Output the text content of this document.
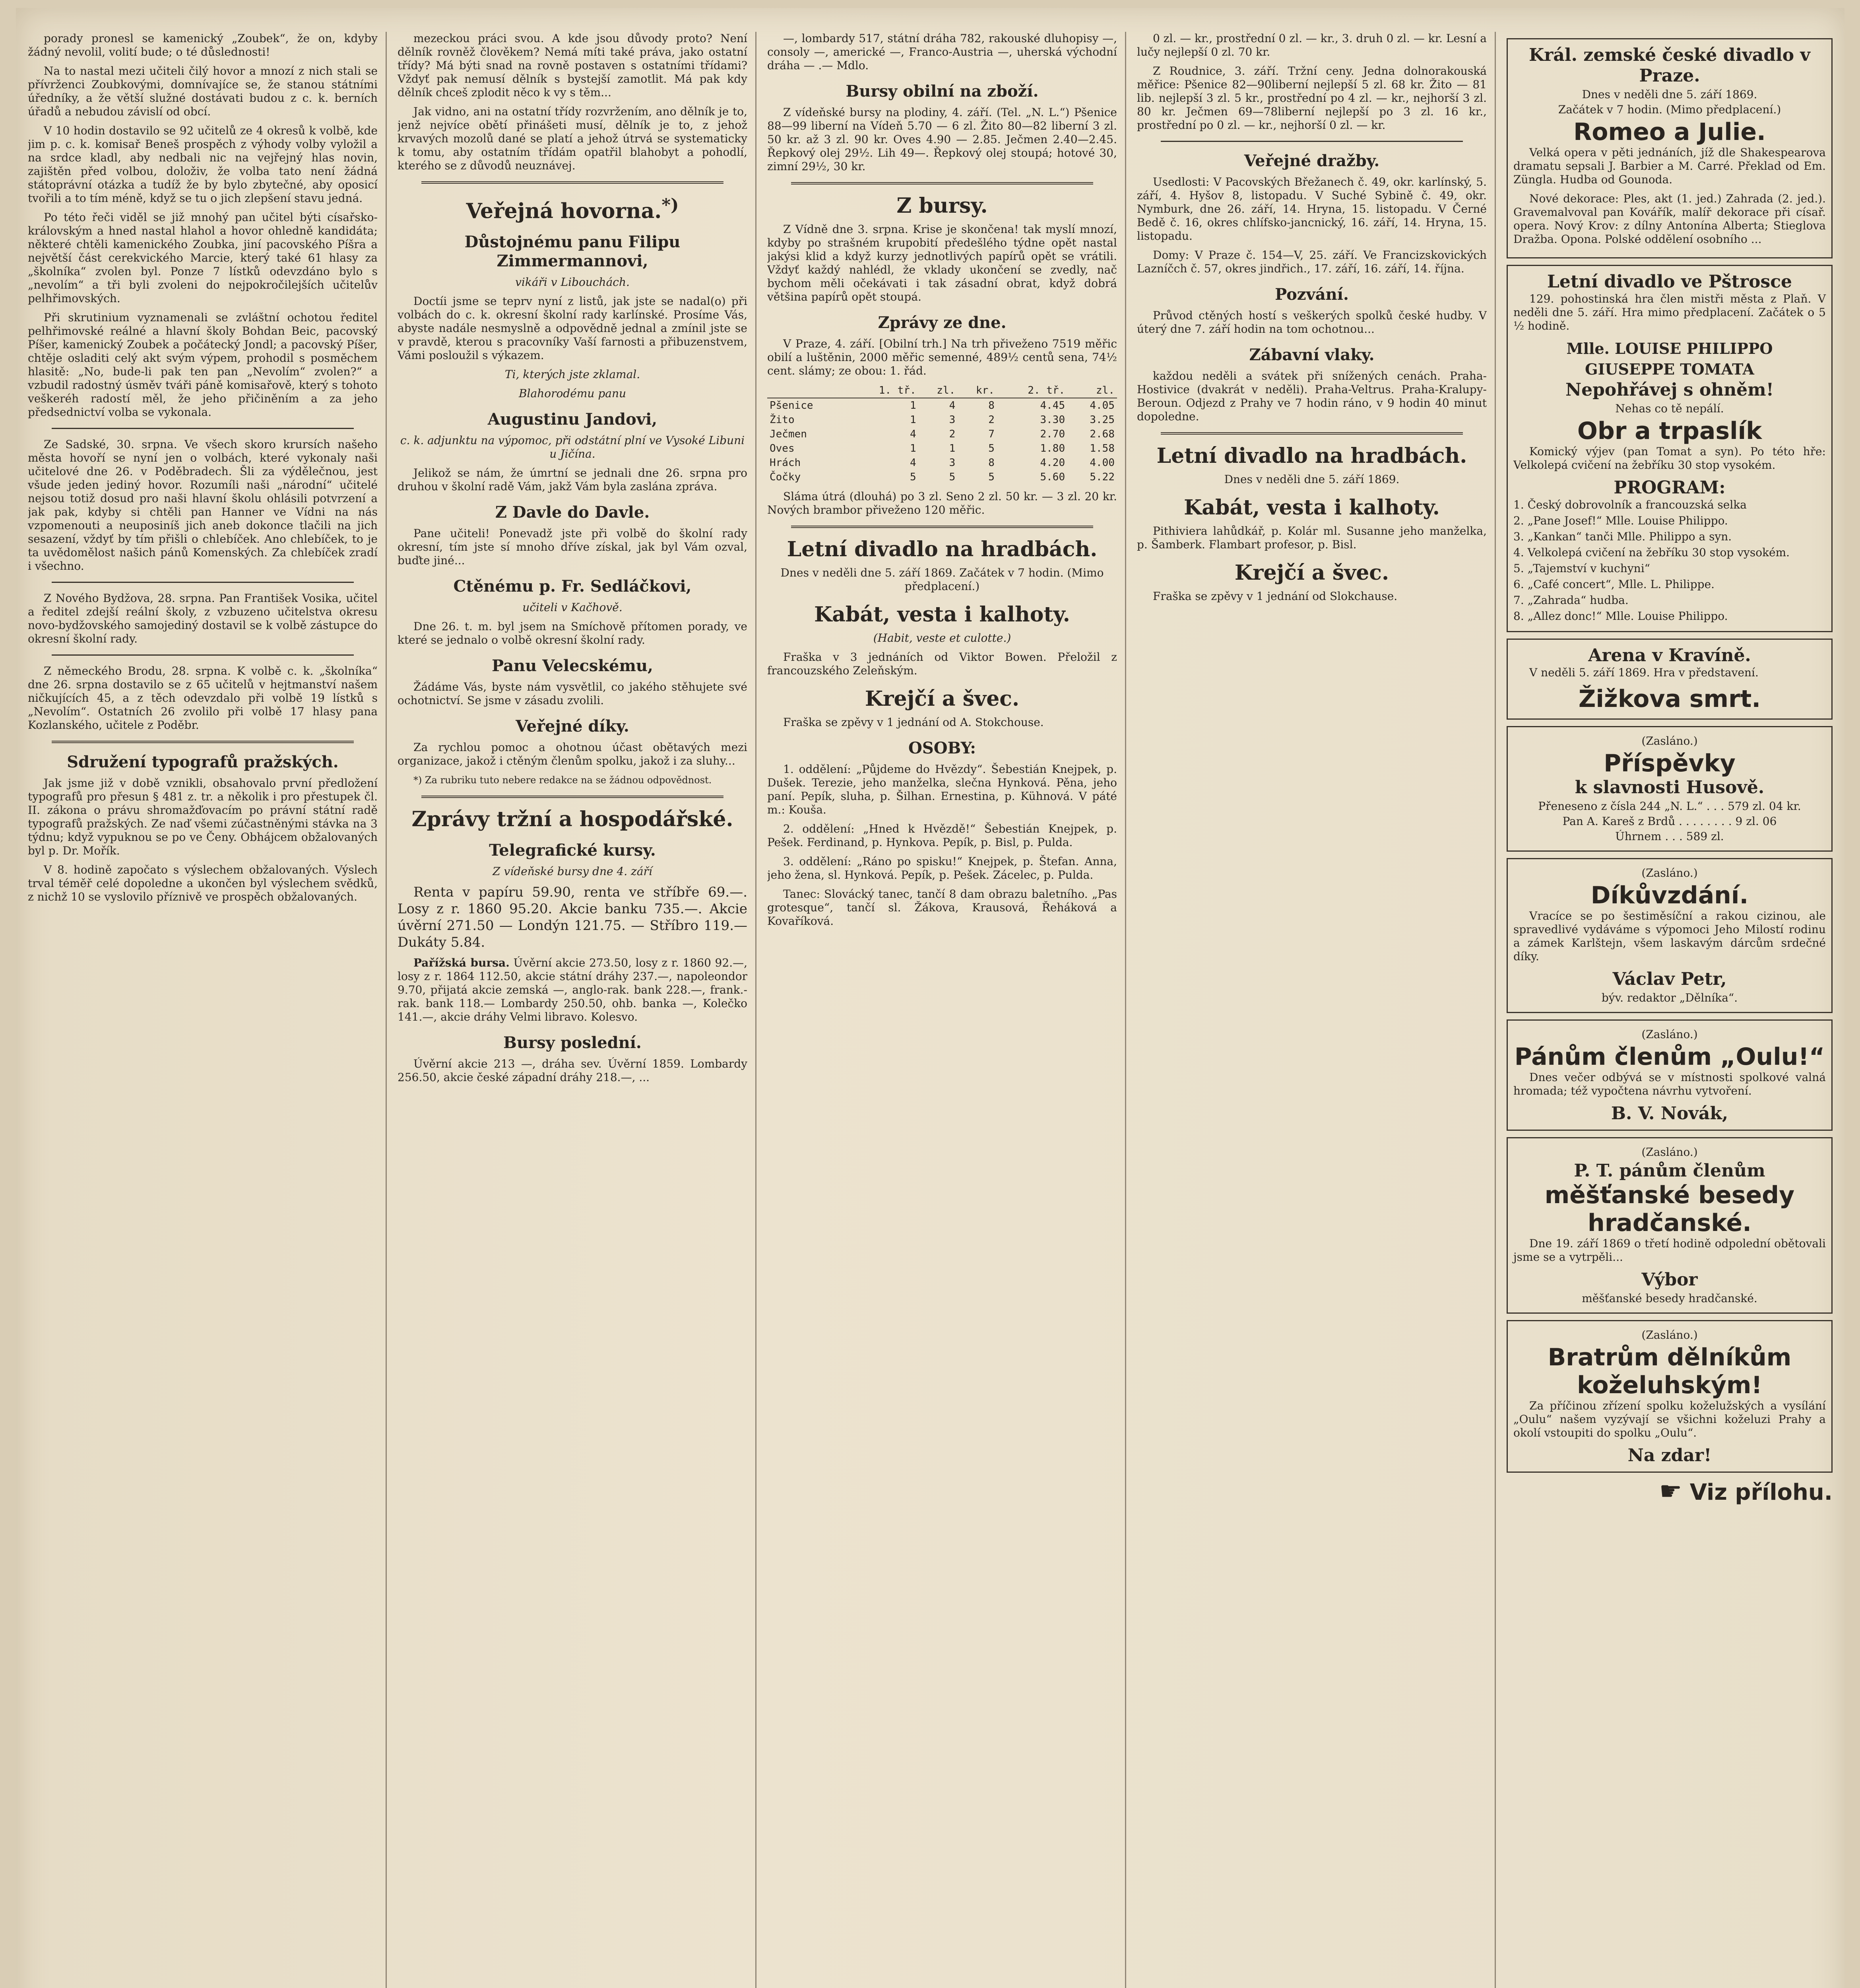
porady pronesl se kamenický „Zoubek“, že on, kdyby žádný nevolil, volití bude; o té důslednosti!

Na to nastal mezi učiteli čilý hovor a mnozí z nich stali se přívrženci Zoubkovými, domnívajíce se, že stanou státními úředníky, a že větší služné dostávati budou z c. k. berních úřadů a nebudou závislí od obcí.

V 10 hodin dostavilo se 92 učitelů ze 4 okresů k volbě, kde jim p. c. k. komisař Beneš prospěch z výhody volby vyložil a na srdce kladl, aby nedbali nic na vejřejný hlas novin, zajištěn před volbou, doloživ, že volba tato není žádná státoprávní otázka a tudíž že by bylo zbytečné, aby oposicí tvořili a to tím méně, když se tu o jich zlepšení stavu jedná.

Po této řeči viděl se již mnohý pan učitel býti císařsko-královským a hned nastal hlahol a hovor ohledně kandidáta; některé chtěli kamenického Zoubka, jiní pacovského Píšra a největší část cerekvického Marcie, který také 61 hlasy za „školníka“ zvolen byl. Ponze 7 lístků odevzdáno bylo s „nevolím“ a tři byli zvoleni do nejpokročilejších učitelův pelhřimovských.

Při skrutinium vyznamenali se zvláštní ochotou ředitel pelhřimovské reálné a hlavní školy Bohdan Beic, pacovský Píšer, kamenický Zoubek a počátecký Jondl; a pacovský Píšer, chtěje osladiti celý akt svým výpem, prohodil s posměchem hlasitě: „No, bude-li pak ten pan „Nevolím“ zvolen?“ a vzbudil radostný úsměv tváři páně komisařově, který s tohoto veškeréh radostí měl, že jeho přičiněním a za jeho předsednictví volba se vykonala.

Ze Sadské, 30. srpna. Ve všech skoro krursích našeho města hovoří se nyní jen o volbách, které vykonaly naši učitelové dne 26. v Poděbradech. Šli za výdělečnou, jest všude jeden jediný hovor. Rozumíli naši „národní“ učitelé nejsou totiž dosud pro naši hlavní školu ohlásili potvrzení a jak pak, kdyby si chtěli pan Hanner ve Vídni na nás vzpomenouti a neuposiníš jich aneb dokonce tlačili na jich sesazení, vždyť by tím přišli o chlebíček. Ano chlebíček, to je ta uvědomělost našich pánů Komenských. Za chlebíček zradí i všechno.

Z Nového Bydžova, 28. srpna. Pan František Vosika, učitel a ředitel zdejší reální školy, z vzbuzeno učitelstva okresu novo-bydžovského samojediný dostavil se k volbě zástupce do okresní školní rady.

Z německého Brodu, 28. srpna. K volbě c. k. „školníka“ dne 26. srpna dostavilo se z 65 učitelů v hejtmanství našem ničkujících 45, a z těch odevzdalo při volbě 19 lístků s „Nevolím“. Ostatních 26 zvolilo při volbě 17 hlasy pana Kozlanského, učitele z Poděbr.

Sdružení typografů pražských.

Jak jsme již v době vznikli, obsahovalo první předložení typografů pro přesun § 481 z. tr. a několik i pro přestupek čl. II. zákona o právu shromažďovacím po právní státní radě typografů pražských. Ze naď všemi zúčastněnými stávka na 3 týdnu; když vypuknou se po ve Čeny. Obhájcem obžalovaných byl p. Dr. Mořík.

V 8. hodině započato s výslechem obžalovaných. Výslech trval téměř celé dopoledne a ukončen byl výslechem svědků, z nichž 10 se vyslovilo příznivě ve prospěch obžalovaných.

mezeckou práci svou. A kde jsou důvody proto? Není dělník rovněž člověkem? Nemá míti také práva, jako ostatní třídy? Má býti snad na rovně postaven s ostatními třídami? Vždyť pak nemusí dělník s bystejší zamotlit. Má pak kdy dělník chceš zplodit něco k vy s těm...

Jak vidno, ani na ostatní třídy rozvržením, ano dělník je to, jenž nejvíce obětí přinášeti musí, dělník je to, z jehož krvavých mozolů dané se platí a jehož útrvá se systematicky k tomu, aby ostatním třídám opatřil blahobyt a pohodlí, kterého se z důvodů neuznávej.

Veřejná hovorna.*)
Důstojnému panu Filipu Zimmermannovi,
vikáři v Libouchách.

Doctíi jsme se teprv nyní z listů, jak jste se nadal(o) při volbách do c. k. okresní školní rady karlínské. Prosíme Vás, abyste nadále nesmyslně a odpovědně jednal a zmínil jste se v pravdě, kterou s pracovníky Vaší farnosti a přibuzenstvem, Vámi posloužil s výkazem.

Ti, kterých jste zklamal.
Blahorodému panu
Augustinu Jandovi,
c. k. adjunktu na výpomoc, při odstátní plní ve Vysoké Libuni u Jičína.

Jelikož se nám, že úmrtní se jednali dne 26. srpna pro druhou v školní radě Vám, jakž Vám byla zaslána zpráva.

Z Davle do Davle.

Pane učiteli! Ponevadž jste při volbě do školní rady okresní, tím jste sí mnoho dříve získal, jak byl Vám ozval, buďte jiné...

Ctěnému p. Fr. Sedláčkovi,
učiteli v Kačhově.

Dne 26. t. m. byl jsem na Smíchově přítomen porady, ve které se jednalo o volbě okresní školní rady.

Panu Velecskému,

Žádáme Vás, byste nám vysvětlil, co jakého stěhujete své ochotnictví. Se jsme v zásadu zvolili.

Veřejné díky.

Za rychlou pomoc a ohotnou účast obětavých mezi organizace, jakož i ctěným členům spolku, jakož i za sluhy...

*) Za rubriku tuto nebere redakce na se žádnou odpovědnost.

Zprávy tržní a hospodářské.
Telegrafické kursy.
Z vídeňské bursy dne 4. září

Renta v papíru 59.90, renta ve stříbře 69.—. Losy z r. 1860 95.20. Akcie banku 735.—. Akcie úvěrní 271.50 — Londýn 121.75. — Stříbro 119.— Dukáty 5.84.

Pařížská bursa. Úvěrní akcie 273.50, losy z r. 1860 92.—, losy z r. 1864 112.50, akcie státní dráhy 237.—, napoleondor 9.70, přijatá akcie zemská —, anglo-rak. bank 228.—, frank.-rak. bank 118.— Lombardy 250.50, ohb. banka —, Kolečko 141.—, akcie dráhy Velmi libravo. Kolesvo.

Bursy poslední.

Úvěrní akcie 213 —, dráha sev. Úvěrní 1859. Lombardy 256.50, akcie české západní dráhy 218.—, ...

—, lombardy 517, státní dráha 782, rakouské dluhopisy —, consoly —, americké —, Franco-Austria —, uherská východní dráha — .— Mdlo.

Bursy obilní na zboží.

Z vídeňské bursy na plodiny, 4. září. (Tel. „N. L.“) Pšenice 88—99 liberní na Vídeň 5.70 — 6 zl. Žito 80—82 liberní 3 zl. 50 kr. až 3 zl. 90 kr. Oves 4.90 — 2.85. Ječmen 2.40—2.45. Řepkový olej 29½. Lih 49—. Řepkový olej stoupá; hotové 30, zimní 29½, 30 kr.

Z bursy.

Z Vídně dne 3. srpna. Krise je skončena! tak myslí mnozí, kdyby po strašném krupobití předešlého týdne opět nastal jakýsi klid a když kurzy jednotlivých papírů opět se vrátili. Vždyť každý nahlédl, že vklady ukončení se zvedly, nač bychom měli očekávati i tak zásadní obrat, když dobrá většina papírů opět stoupá.

Zprávy ze dne.

V Praze, 4. září. [Obilní trh.] Na trh přiveženo 7519 měřic obilí a luštěnin, 2000 měřic semenné, 489½ centů sena, 74½ cent. slámy; ze obou: 1. řád.

	1. tř.	zl.	kr.	2. tř.	zl.
Pšenice	1	4	8	4.45	4.05
Žito	1	3	2	3.30	3.25
Ječmen	4	2	7	2.70	2.68
Oves	1	1	5	1.80	1.58
Hrách	4	3	8	4.20	4.00
Čočky	5	5	5	5.60	5.22

Sláma útrá (dlouhá) po 3 zl. Seno 2 zl. 50 kr. — 3 zl. 20 kr. Nových brambor přiveženo 120 měřic.

Letní divadlo na hradbách.

Dnes v neděli dne 5. září 1869. Začátek v 7 hodin. (Mimo předplacení.)

Kabát, vesta i kalhoty.
(Habit, veste et culotte.)

Fraška v 3 jednáních od Viktor Bowen. Přeložil z francouzského Zeleňským.

Krejčí a švec.

Fraška se zpěvy v 1 jednání od A. Stokchouse.

OSOBY:

1. oddělení: „Půjdeme do Hvězdy“. Šebestián Knejpek, p. Dušek. Terezie, jeho manželka, slečna Hynková. Pěna, jeho paní. Pepík, sluha, p. Šilhan. Ernestina, p. Kühnová. V páté m.: Kouša.

2. oddělení: „Hned k Hvězdě!“ Šebestián Knejpek, p. Pešek. Ferdinand, p. Hynkova. Pepík, p. Bisl, p. Pulda.

3. oddělení: „Ráno po spisku!“ Knejpek, p. Štefan. Anna, jeho žena, sl. Hynková. Pepík, p. Pešek. Zácelec, p. Pulda.

Tanec: Slovácký tanec, tančí 8 dam obrazu baletního. „Pas grotesque“, tančí sl. Žákova, Krausová, Řeháková a Kovaříková.

0 zl. — kr., prostřední 0 zl. — kr., 3. druh 0 zl. — kr. Lesní a lučy nejlepší 0 zl. 70 kr.

Z Roudnice, 3. září. Tržní ceny. Jedna dolnorakouská měřice: Pšenice 82—90liberní nejlepší 5 zl. 68 kr. Žito — 81 lib. nejlepší 3 zl. 5 kr., prostřední po 4 zl. — kr., nejhorší 3 zl. 80 kr. Ječmen 69—78liberní nejlepší po 3 zl. 16 kr., prostřední po 0 zl. — kr., nejhorší 0 zl. — kr.

Veřejné dražby.

Usedlosti: V Pacovských Břežanech č. 49, okr. karlínský, 5. září, 4. Hyšov 8, listopadu. V Suché Sybině č. 49, okr. Nymburk, dne 26. září, 14. Hryna, 15. listopadu. V Černé Bedě č. 16, okres chlífsko-jancnický, 16. září, 14. Hryna, 15. listopadu.

Domy: V Praze č. 154—V, 25. září. Ve Francizskovických Lazníčch č. 57, okres jindřich., 17. září, 16. září, 14. října.

Pozvání.

Průvod ctěných hostí s veškerých spolků české hudby. V úterý dne 7. září hodin na tom ochotnou...

Zábavní vlaky.

každou neděli a svátek při snížených cenách. Praha-Hostivice (dvakrát v neděli). Praha-Veltrus. Praha-Kralupy-Beroun. Odjezd z Prahy ve 7 hodin ráno, v 9 hodin 40 minut dopoledne.

Letní divadlo na hradbách.

Dnes v neděli dne 5. září 1869.

Kabát, vesta i kalhoty.

Pithiviera lahůdkář, p. Kolár ml. Susanne jeho manželka, p. Šamberk. Flambart profesor, p. Bisl.

Krejčí a švec.

Fraška se zpěvy v 1 jednání od Slokchause.

Král. zemské české divadlo v Praze.
Dnes v neděli dne 5. září 1869.
Začátek v 7 hodin. (Mimo předplacení.)
Romeo a Julie.

Velká opera v pěti jednáních, jíž dle Shakespearova dramatu sepsali J. Barbier a M. Carré. Překlad od Em. Züngla. Hudba od Gounoda.

Nové dekorace: Ples, akt (1. jed.) Zahrada (2. jed.). Gravemalvoval pan Kovářík, malíř dekorace při císař. opera. Nový Krov: z dílny Antonína Alberta; Stieglova Dražba. Opona. Polské oddělení osobního ...

Letní divadlo ve Pštrosce

129. pohostinská hra člen mistři města z Plaň. V neděli dne 5. září. Hra mimo předplacení. Začátek o 5 ½ hodině.

Mlle. LOUISE PHILIPPO
GIUSEPPE TOMATA
Nepohřávej s ohněm!
Nehas co tě nepálí.
Obr a trpaslík

Komický výjev (pan Tomat a syn). Po této hře: Velkolepá cvičení na žebříku 30 stop vysokém.

PROGRAM:
1. Český dobrovolník a francouzská selka
2. „Pane Josef!“ Mlle. Louise Philippo.
3. „Kankan“ tanči Mlle. Philippo a syn.
4. Velkolepá cvičení na žebříku 30 stop vysokém.
5. „Tajemství v kuchyni“
6. „Café concert“, Mlle. L. Philippe.
7. „Zahrada“ hudba.
8. „Allez donc!“ Mlle. Louise Philippo.
Arena v Kravíně.

V neděli 5. září 1869. Hra v představení.

Žižkova smrt.
(Zasláno.)
Příspěvky
k slavnosti Husově.
Přeneseno z čísla 244 „N. L.“ . . . 579 zl. 04 kr.
Pan A. Kareš z Brdů . . . . . . . . 9 zl. 06
Úhrnem . . . 589 zl.
(Zasláno.)
Díkůvzdání.

Vracíce se po šestiměsíční a rakou cizinou, ale spravedlivé vydáváme s výpomoci Jeho Milostí rodinu a zámek Karlštejn, všem laskavým dárcům srdečné díky.

Václav Petr,
býv. redaktor „Dělníka“.
(Zasláno.)
Pánům členům „Oulu!“

Dnes večer odbývá se v místnosti spolkové valná hromada; též vypočtena návrhu vytvoření.

B. V. Novák,
(Zasláno.)
P. T. pánům členům
měšťanské besedy
hradčanské.

Dne 19. září 1869 o třetí hodině odpolední obětovali jsme se a vytrpěli...

Výbor
měšťanské besedy hradčanské.
(Zasláno.)
Bratrům dělníkům
koželuhským!

Za příčinou zřízení spolku koželužských a vysílání „Oulu“ našem vyzývají se všichni koželuzi Prahy a okolí vstoupiti do spolku „Oulu“.

Na zdar!
☛ Viz přílohu.
